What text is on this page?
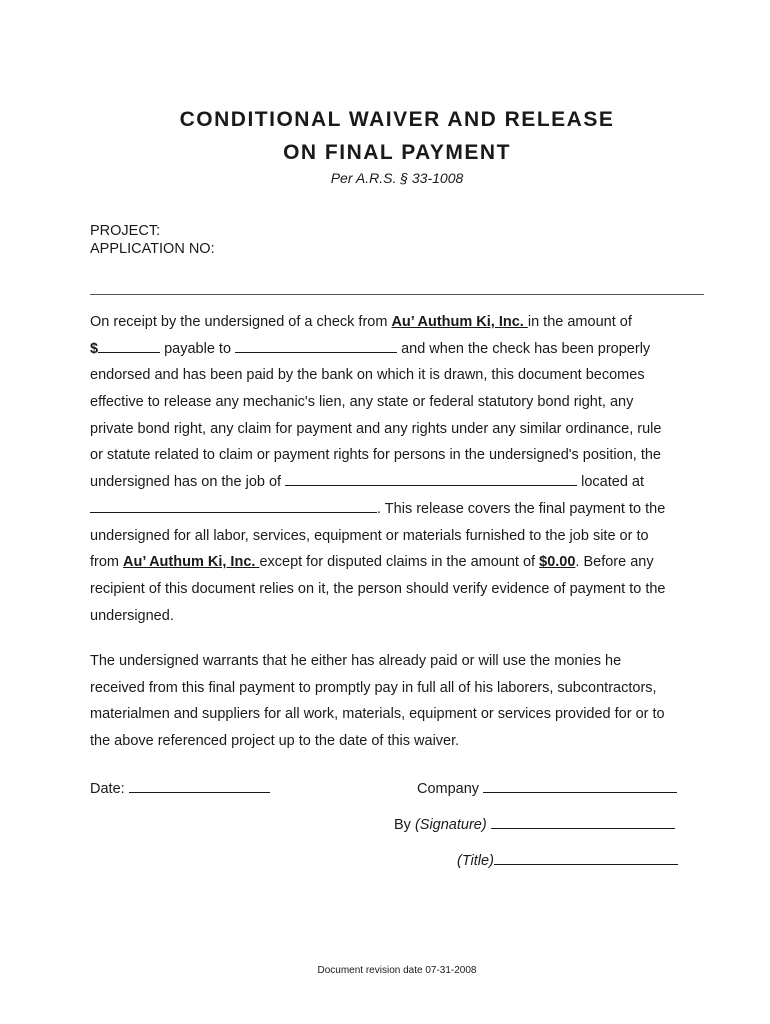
CONDITIONAL WAIVER AND RELEASE
ON FINAL PAYMENT
Per A.R.S. § 33-1008
PROJECT:
APPLICATION NO:
On receipt by the undersigned of a check from Au’ Authum Ki, Inc. in the amount of
$	payable to	and when the check has been properly
endorsed and has been paid by the bank on which it is drawn, this document becomes
effective to release any mechanic's lien, any state or federal statutory bond right, any
private bond right, any claim for payment and any rights under any similar ordinance, rule
or statute related to claim or payment rights for persons in the undersigned's position, the
undersigned has on the job of	located at
. This release covers the final payment to the
undersigned for all labor, services, equipment or materials furnished to the job site or to
from Au’ Authum Ki, Inc. except for disputed claims in the amount of $0.00. Before any
recipient of this document relies on it, the person should verify evidence of payment to the
undersigned.
The undersigned warrants that he either has already paid or will use the monies he
received from this final payment to promptly pay in full all of his laborers, subcontractors,
materialmen and suppliers for all work, materials, equipment or services provided for or to
the above referenced project up to the date of this waiver.
Date:	Company
By (Signature)
(Title)
Document revision date 07-31-2008
